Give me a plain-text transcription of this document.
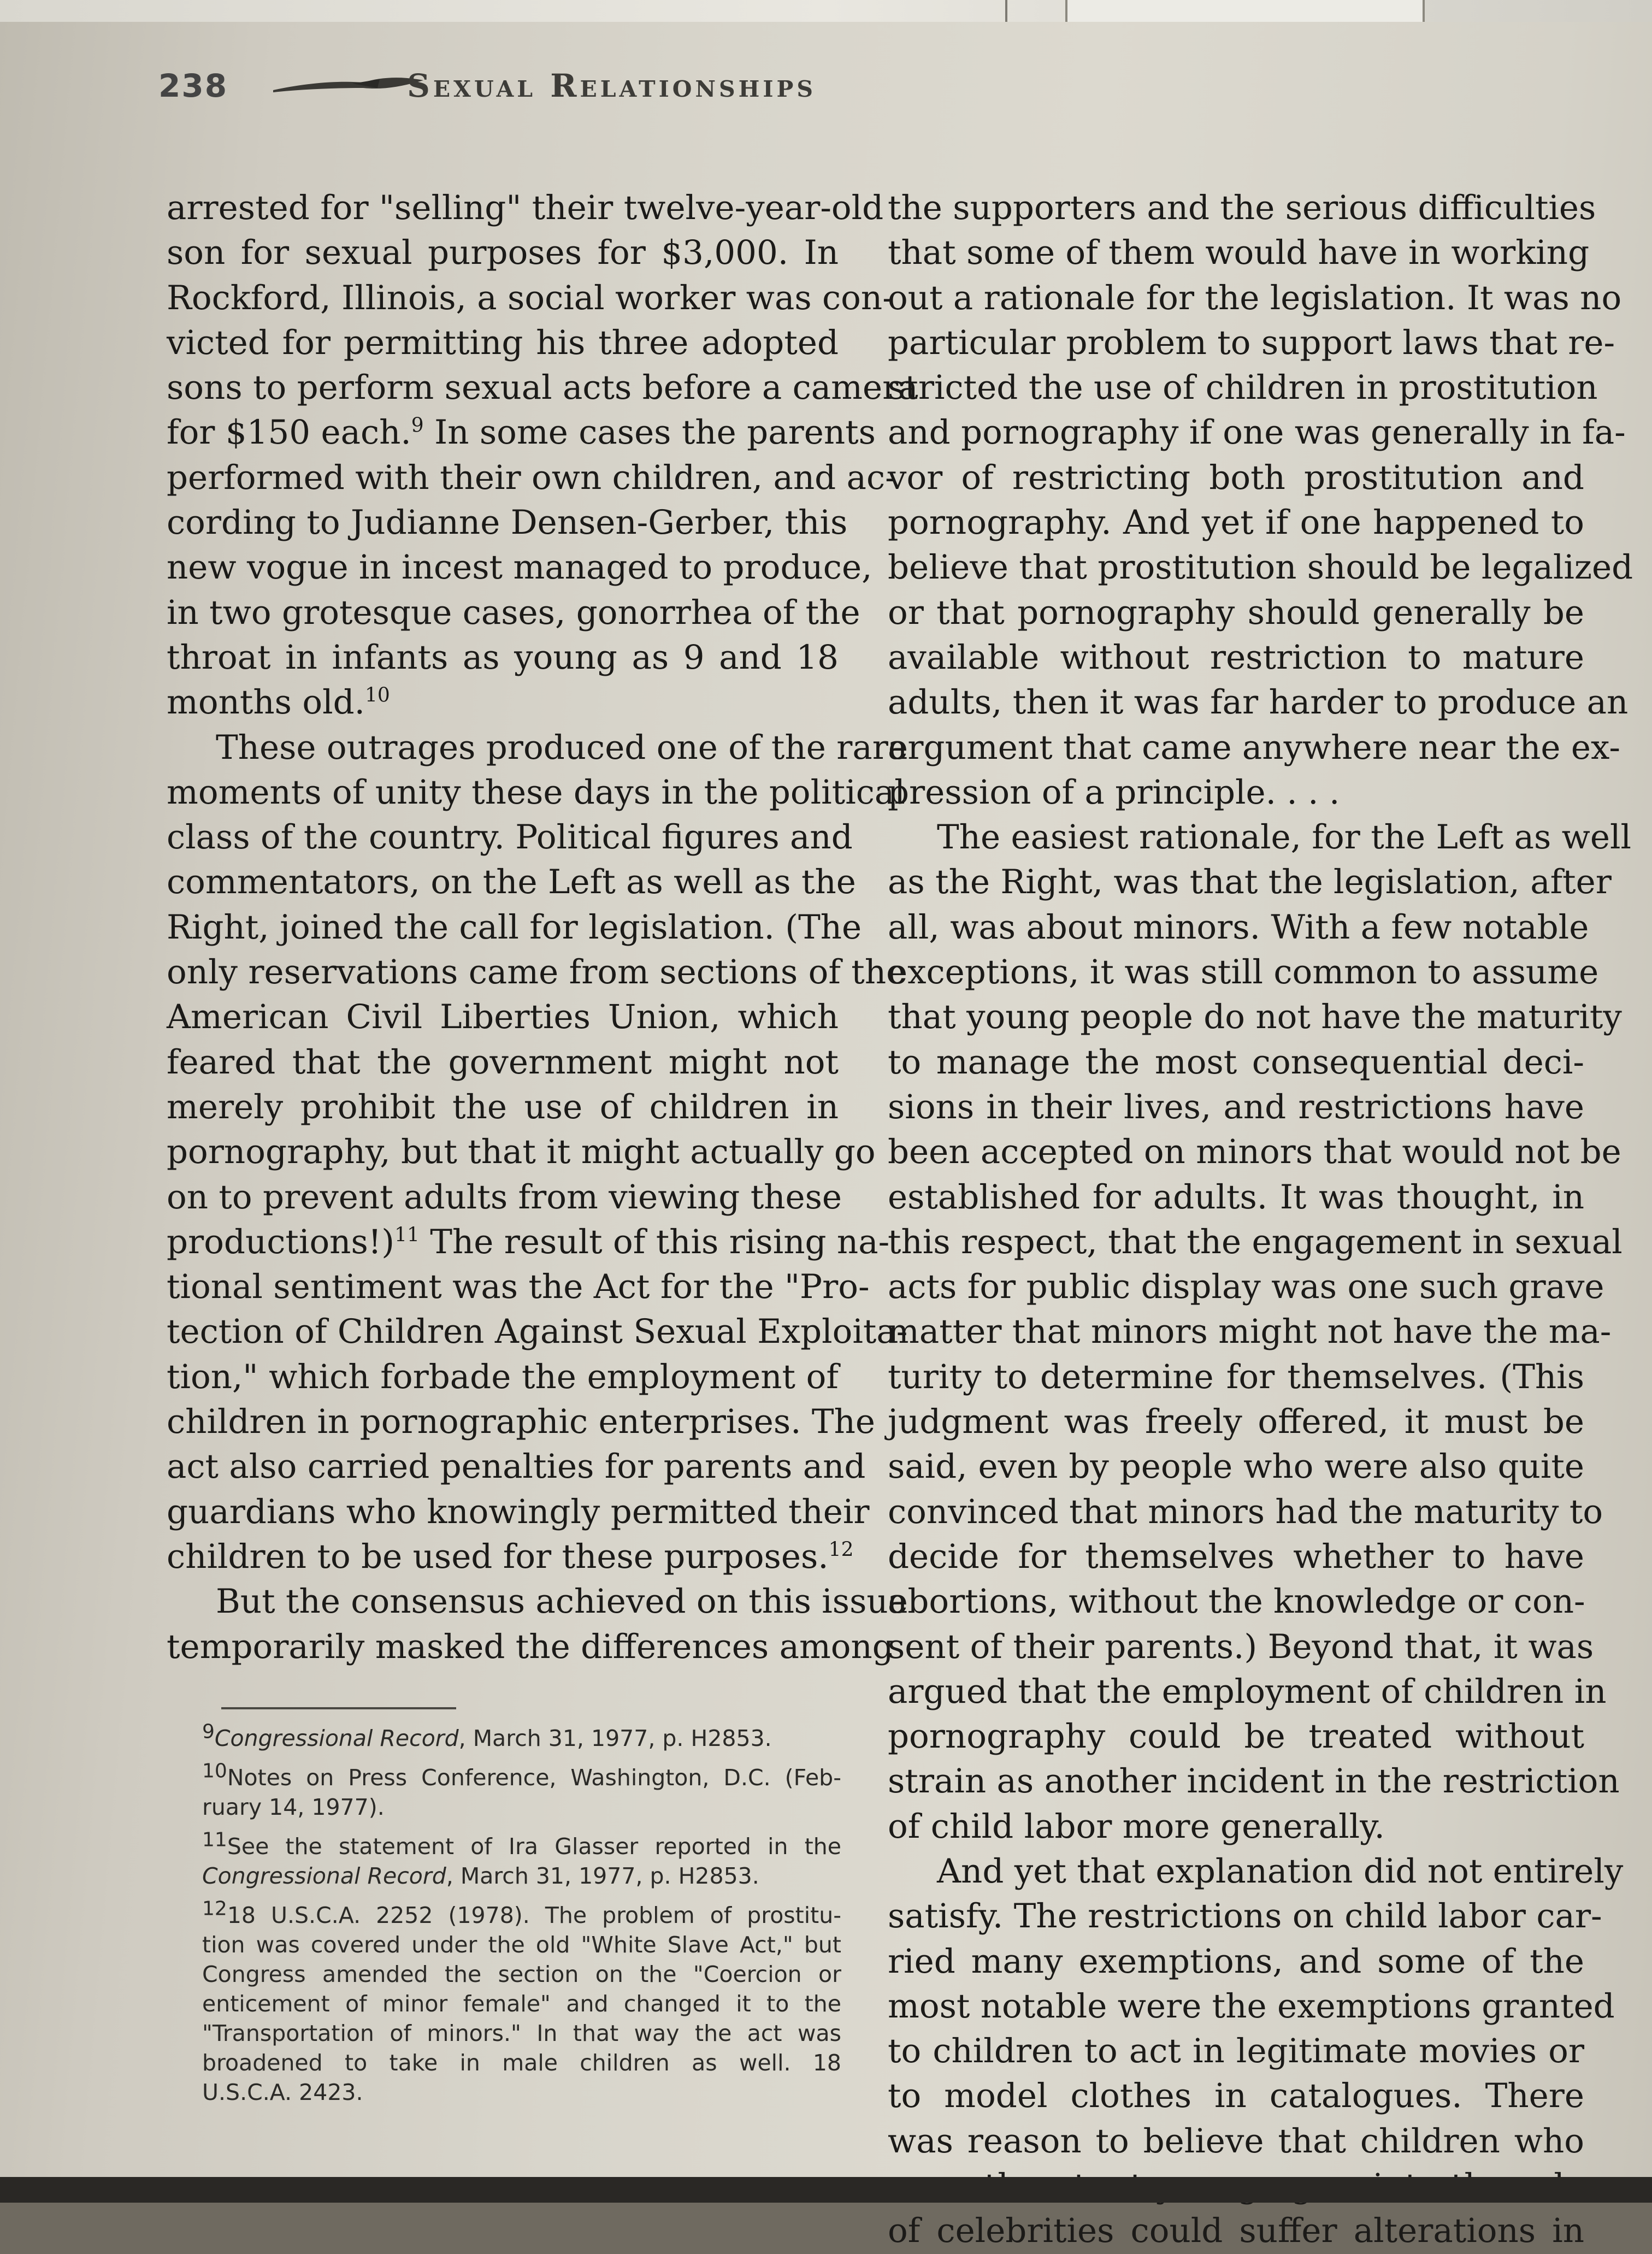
238	Sexual Relationships
arrested for "selling" their twelve-year-old
son for sexual purposes for $3,000. In
Rockford, Illinois, a social worker was con-
victed for permitting his three adopted
sons to perform sexual acts before a camera
for $150 each.$^9$ In some cases the parents
performed with their own children, and ac-
cording to Judianne Densen-Gerber, this
new vogue in incest managed to produce,
in two grotesque cases, gonorrhea of the
throat in infants as young as 9 and 18
months old.$^{10}$
These outrages produced one of the rare
moments of unity these days in the political
class of the country. Political figures and
commentators, on the Left as well as the
Right, joined the call for legislation. (The
only reservations came from sections of the
American Civil Liberties Union, which
feared that the government might not
merely prohibit the use of children in
pornography, but that it might actually go
on to prevent adults from viewing these
productions!)$^{11}$ The result of this rising na-
tional sentiment was the Act for the "Pro-
tection of Children Against Sexual Exploita-
tion," which forbade the employment of
children in pornographic enterprises. The
act also carried penalties for parents and
guardians who knowingly permitted their
children to be used for these purposes.$^{12}$
But the consensus achieved on this issue
temporarily masked the differences among
the supporters and the serious difficulties
that some of them would have in working
out a rationale for the legislation. It was no
particular problem to support laws that re-
stricted the use of children in prostitution
and pornography if one was generally in fa-
vor of restricting both prostitution and
pornography. And yet if one happened to
believe that prostitution should be legalized
or that pornography should generally be
available without restriction to mature
adults, then it was far harder to produce an
argument that came anywhere near the ex-
pression of a principle. . . .
The easiest rationale, for the Left as well
as the Right, was that the legislation, after
all, was about minors. With a few notable
exceptions, it was still common to assume
that young people do not have the maturity
to manage the most consequential deci-
sions in their lives, and restrictions have
been accepted on minors that would not be
established for adults. It was thought, in
this respect, that the engagement in sexual
acts for public display was one such grave
matter that minors might not have the ma-
turity to determine for themselves. (This
judgment was freely offered, it must be
said, even by people who were also quite
convinced that minors had the maturity to
decide for themselves whether to have
abortions, without the knowledge or con-
sent of their parents.) Beyond that, it was
argued that the employment of children in
pornography could be treated without
strain as another incident in the restriction
of child labor more generally.
And yet that explanation did not entirely
satisfy. The restrictions on child labor car-
ried many exemptions, and some of the
most notable were the exemptions granted
to children to act in legitimate movies or
to model clothes in catalogues. There
was reason to believe that children who
of celebrities could suffer alterations in
$^9$Congressional Record, March 31, 1977, p. H2853.
$^{10}$Notes on Press Conference, Washington, D.C. (Feb-
ruary 14, 1977).
$^{11}$See the statement of Ira Glasser reported in the
Congressional Record, March 31, 1977, p. H2853.
$^{12}$18 U.S.C.A. 2252 (1978). The problem of prostitu-
tion was covered under the old "White Slave Act," but
Congress amended the section on the "Coercion or
enticement of minor female" and changed it to the
"Transportation of minors." In that way the act was
broadened to take in male children as well. 18
U.S.C.A. 2423.
